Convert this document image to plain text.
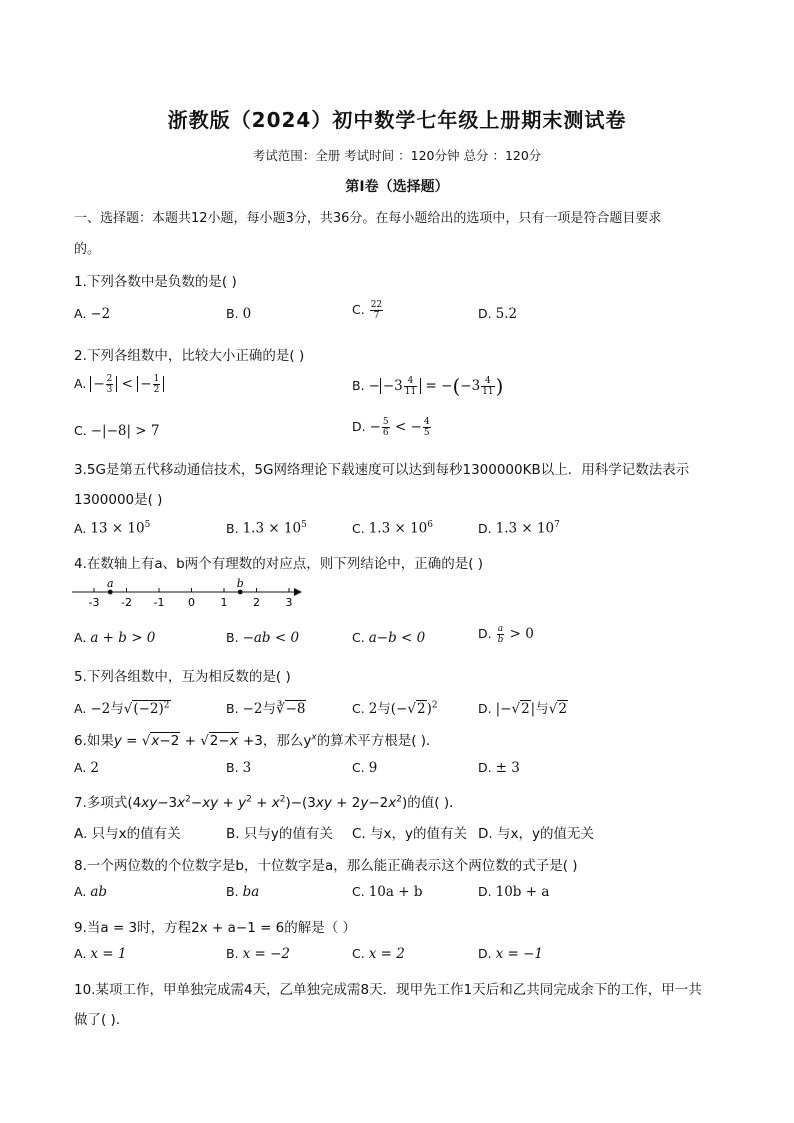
浙教版（2024）初中数学七年级上册期末测试卷
考试范围：全册 考试时间 ：120分钟 总分 ：120分
第I卷（选择题）
一、选择题：本题共12小题，每小题3分，共36分。在每小题给出的选项中，只有一项是符合题目要求
的。
1.下列各数中是负数的是( )
A. −2	B. 0	C. $\frac{22}{7}$	D. 5.2
2.下列各组数中，比较大小正确的是( )
A. − $\frac{2}{3}$ < − $\frac{1}{2}$	B. − $-3 \frac{4}{11} = -(-3 \frac{4}{11}$ )
C. −|−8| > 7	D. − $\frac{5}{6}$ < − $\frac{4}{5}$
3.5G是第五代移动通信技术，5G网络理论下载速度可以达到每秒1300000KB以上．用科学记数法表示
1300000是( )
A. $13 \times 10^5$	B. $1.3 \times 10^5$	C. $1.3 \times 10^6$	D. $1.3 \times 10^7$
4.在数轴上有a、b两个有理数的对应点，则下列结论中，正确的是( )
-3 -2 -1 0 1 2 3
a	b
A. a + b > 0	B. −ab < 0	C. a−b < 0	D. $\frac{a}{b} > 0$
5.下列各组数中，互为相反数的是( )
A. −2与$√(-2)^2$	B. −2与∛−8	C. 2与$(-√2)^2$	D. |−√2|与√2
6.如果y = √x−2 + √2−x +3，那么$y^x$的算术平方根是( )．
A. 2	B. 3	C. 9	D. ± 3
7.多项式$(4xy-3x^2-xy + y^2 + x^2)-(3xy + 2y-2x^2)$的值( )．
A. 只与x的值有关	B. 只与y的值有关 C. 与x，y的值有关 D. 与x，y的值无关
8.一个两位数的个位数字是b，十位数字是a，那么能正确表示这个两位数的式子是( )
A. ab	B. ba	C. 10a + b	D. 10b + a
9.当a = 3时，方程2x + a−1 = 6的解是（ ）
A. x = 1	B. x = −2	C. x = 2	D. x = −1
10.某项工作，甲单独完成需4天，乙单独完成需8天．现甲先工作1天后和乙共同完成余下的工作，甲一共
做了( )．
